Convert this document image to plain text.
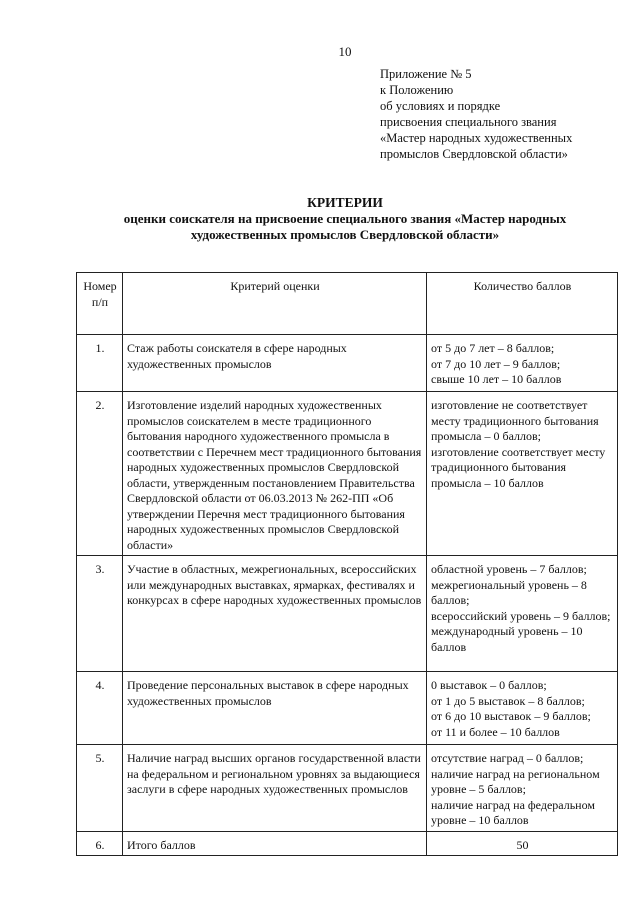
10
Приложение № 5
к Положению
об условиях и порядке
присвоения специального звания
«Мастер народных художественных
промыслов Свердловской области»
КРИТЕРИИ
оценки соискателя на присвоение специального звания «Мастер народных
художественных промыслов Свердловской области»
Номер п/п	Критерий оценки	Количество баллов
1.	Стаж работы соискателя в сфере народных художественных промыслов	от 5 до 7 лет – 8 баллов;
от 7 до 10 лет – 9 баллов;
свыше 10 лет – 10 баллов

2.	Изготовление изделий народных художественных промыслов соискателем в месте традиционного бытования народного художественного промысла в соответствии с Перечнем мест традиционного бытования народных художественных промыслов Свердловской области, утвержденным постановлением Правительства Свердловской области от 06.03.2013 № 262-ПП «Об утверждении Перечня мест традиционного бытования народных художественных промыслов Свердловской области»	изготовление не соответствует месту традиционного бытования промысла – 0 баллов;
изготовление соответствует месту традиционного бытования промысла – 10 баллов

3.	Участие в областных, межрегиональных, всероссийских или международных выставках, ярмарках, фестивалях и конкурсах в сфере народных художественных промыслов	областной уровень – 7 баллов;
межрегиональный уровень – 8 баллов;
всероссийский уровень – 9 баллов;
международный уровень – 10 баллов

4.	Проведение персональных выставок в сфере народных художественных промыслов	0 выставок – 0 баллов;
от 1 до 5 выставок – 8 баллов;
от 6 до 10 выставок – 9 баллов;
от 11 и более – 10 баллов

5.	Наличие наград высших органов государственной власти на федеральном и региональном уровнях за выдающиеся заслуги в сфере народных художественных промыслов	отсутствие наград – 0 баллов;
наличие наград на региональном уровне – 5 баллов;
наличие наград на федеральном уровне – 10 баллов

6.	Итого баллов	50
